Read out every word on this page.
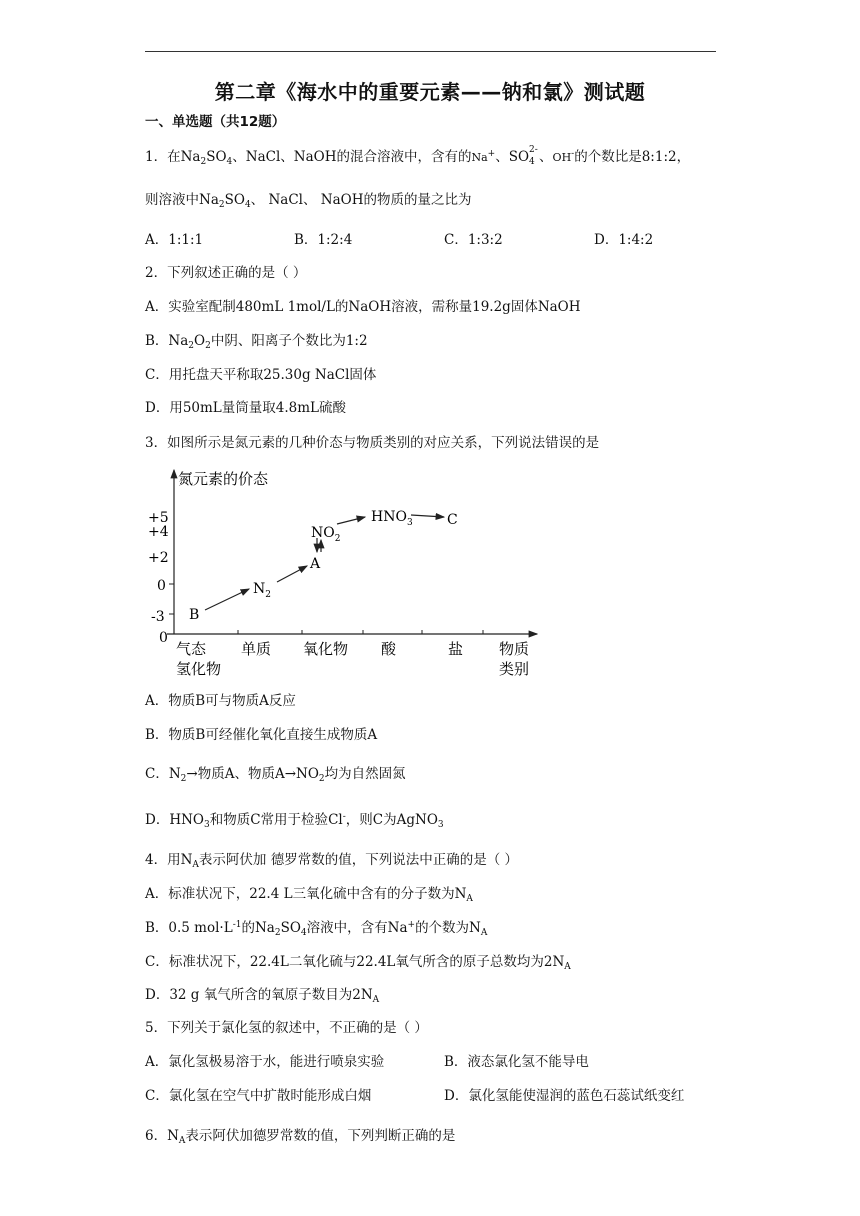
第二章《海水中的重要元素——钠和氯》测试题
一、单选题（共12题）
1．在$Na_2SO_4$、NaCl、NaOH的混合溶液中，含有的Na+、SO 2-
4 、OH-的个数比是8:1:2，
则溶液中$Na_2SO_4$、 NaCl、 NaOH的物质的量之比为
A．1:1:1	B．1:2:4	C．1:3:2	D．1:4:2
2．下列叙述正确的是（ ）
A．实验室配制480mL 1mol/L的NaOH溶液，需称量19.2g固体NaOH
B．$Na_2O_2$中阴、阳离子个数比为1:2
C．用托盘天平称取25.30g NaCl固体
D．用50mL量筒量取4.8mL硫酸
3．如图所示是氮元素的几种价态与物质类别的对应关系，下列说法错误的是
氮元素的价态
+5
+4
+2
0
-3
0
气态
氢化物
单质 氧化物 酸	盐 物质
类别
B
$N_2$
A
$NO_2$
$HNO_3$ C
A．物质B可与物质A反应
B．物质B可经催化氧化直接生成物质A
C．$N_2\to$物质A、物质$A\to NO_2$均为自然固氮
D．$HNO_3$和物质C常用于检验Cl-，则C为AgNO$_3$
4．用$N_A$表示阿伏加 德罗常数的值，下列说法中正确的是（ ）
A．标准状况下，22.4 L三氧化硫中含有的分子数为$N_A$
B．0.5 $mol\cdot L^{-1}$的$Na_2SO_4$溶液中，含有Na+的个数为$N_A$
C．标准状况下，22.4L二氧化硫与22.4L氧气所含的原子总数均为$2N_A$
D．32 g 氧气所含的氧原子数目为$2N_A$
5．下列关于氯化氢的叙述中，不正确的是（ ）
A．氯化氢极易溶于水，能进行喷泉实验	B．液态氯化氢不能导电
C．氯化氢在空气中扩散时能形成白烟	D．氯化氢能使湿润的蓝色石蕊试纸变红
6．$N_A$表示阿伏加德罗常数的值，下列判断正确的是
